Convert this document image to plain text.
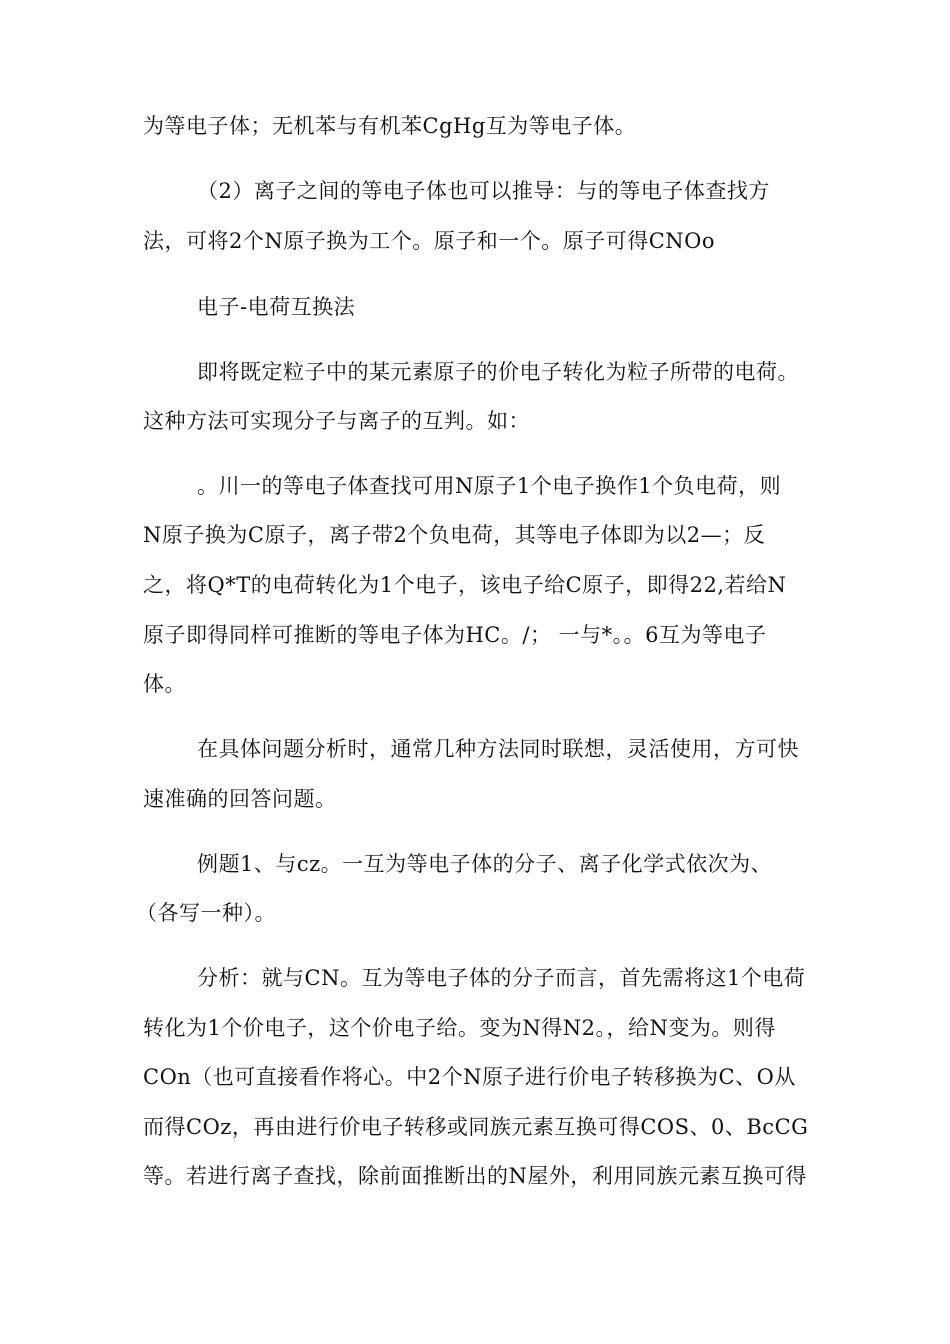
为等电子体；无机苯与有机苯CgHg互为等电子体。
（2）离子之间的等电子体也可以推导：与的等电子体查找方
法，可将2个N原子换为工个。原子和一个。原子可得CNOo
电子-电荷互换法
即将既定粒子中的某元素原子的价电子转化为粒子所带的电荷。
这种方法可实现分子与离子的互判。如：
。川一的等电子体查找可用N原子1个电子换作1个负电荷，则
N原子换为C原子，离子带2个负电荷，其等电子体即为以2—；反
之，将Q*T的电荷转化为1个电子，该电子给C原子，即得22,若给N
原子即得同样可推断的等电子体为HC。/； 一与*。。6互为等电子
体。
在具体问题分析时，通常几种方法同时联想，灵活使用，方可快
速准确的回答问题。
例题1、与cz。一互为等电子体的分子、离子化学式依次为、
（各写一种）。
分析：就与CN。互为等电子体的分子而言，首先需将这1个电荷
转化为1个价电子，这个价电子给。变为N得N2。，给N变为。则得
COn（也可直接看作将心。中2个N原子进行价电子转移换为C、O从
而得COz，再由进行价电子转移或同族元素互换可得COS、0、BcCG
等。若进行离子查找，除前面推断出的N屋外，利用同族元素互换可得
